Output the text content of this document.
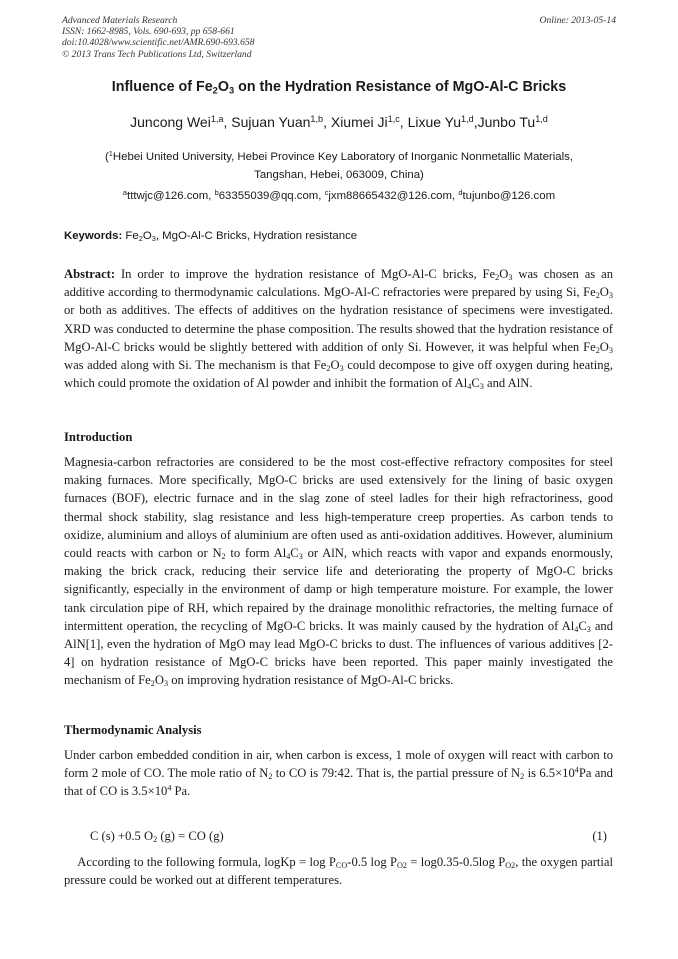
Advanced Materials Research
ISSN: 1662-8985, Vols. 690-693, pp 658-661
doi:10.4028/www.scientific.net/AMR.690-693.658
© 2013 Trans Tech Publications Ltd, Switzerland
Online: 2013-05-14
Influence of $Fe_2O_3$ on the Hydration Resistance of MgO-Al-C Bricks
Juncong Wei$^{1,a}$, Sujuan Yuan$^{1,b}$, Xiumei Ji$^{1,c}$, Lixue Yu$^{1,d}$,Junbo Tu$^{1,d}$
($^1$Hebei United University, Hebei Province Key Laboratory of Inorganic Nonmetallic Materials,
Tangshan, Hebei, 063009, China)
$^a$tttwjc@126.com, $^b$63355039@qq.com, $^c$jxm88665432@126.com, $^d$tujunbo@126.com
Keywords: $Fe_2O_3$, MgO-Al-C Bricks, Hydration resistance
Abstract: In order to improve the hydration resistance of MgO-Al-C bricks, $Fe_2O_3$ was chosen as an additive according to thermodynamic calculations. MgO-Al-C refractories were prepared by using Si, $Fe_2O_3$ or both as additives. The effects of additives on the hydration resistance of specimens were investigated. XRD was conducted to determine the phase composition. The results showed that the hydration resistance of MgO-Al-C bricks would be slightly bettered with addition of only Si. However, it was helpful when $Fe_2O_3$ was added along with Si. The mechanism is that $Fe_2O_3$ could decompose to give off oxygen during heating, which could promote the oxidation of Al powder and inhibit the formation of $Al_4C_3$ and AlN.
Introduction
Magnesia-carbon refractories are considered to be the most cost-effective refractory composites for steel making furnaces. More specifically, MgO-C bricks are used extensively for the lining of basic oxygen furnaces (BOF), electric furnace and in the slag zone of steel ladles for their high refractoriness, good thermal shock stability, slag resistance and less high-temperature creep properties. As carbon tends to oxidize, aluminium and alloys of aluminium are often used as anti-oxidation additives. However, aluminium could reacts with carbon or $N_2$ to form $Al_4C_3$ or AlN, which reacts with vapor and expands enormously, making the brick crack, reducing their service life and deteriorating the property of MgO-C bricks significantly, especially in the environment of damp or high temperature moisture. For example, the lower tank circulation pipe of RH, which repaired by the drainage monolithic refractories, the melting furnace of intermittent operation, the recycling of MgO-C bricks. It was mainly caused by the hydration of $Al_4C_3$ and AlN[1], even the hydration of MgO may lead MgO-C bricks to dust. The influences of various additives [2-4] on hydration resistance of MgO-C bricks have been reported. This paper mainly investigated the mechanism of $Fe_2O_3$ on improving hydration resistance of MgO-Al-C bricks.
Thermodynamic Analysis
Under carbon embedded condition in air, when carbon is excess, 1 mole of oxygen will react with carbon to form 2 mole of CO. The mole ratio of $N_2$ to CO is 79:42. That is, the partial pressure of $N_2$ is $6.5\times 10^4Pa$ and that of CO is $3.5\times 10^4$ Pa.
C (s) +0.5 $O_2$ (g) = CO (g)	(1)
According to the following formula, logKp = $\log P_{CO}-0.5$ $\log P_{O2} = \log 0.35-0.5\log$ $P_{O2}$, the oxygen partial pressure could be worked out at different temperatures.
